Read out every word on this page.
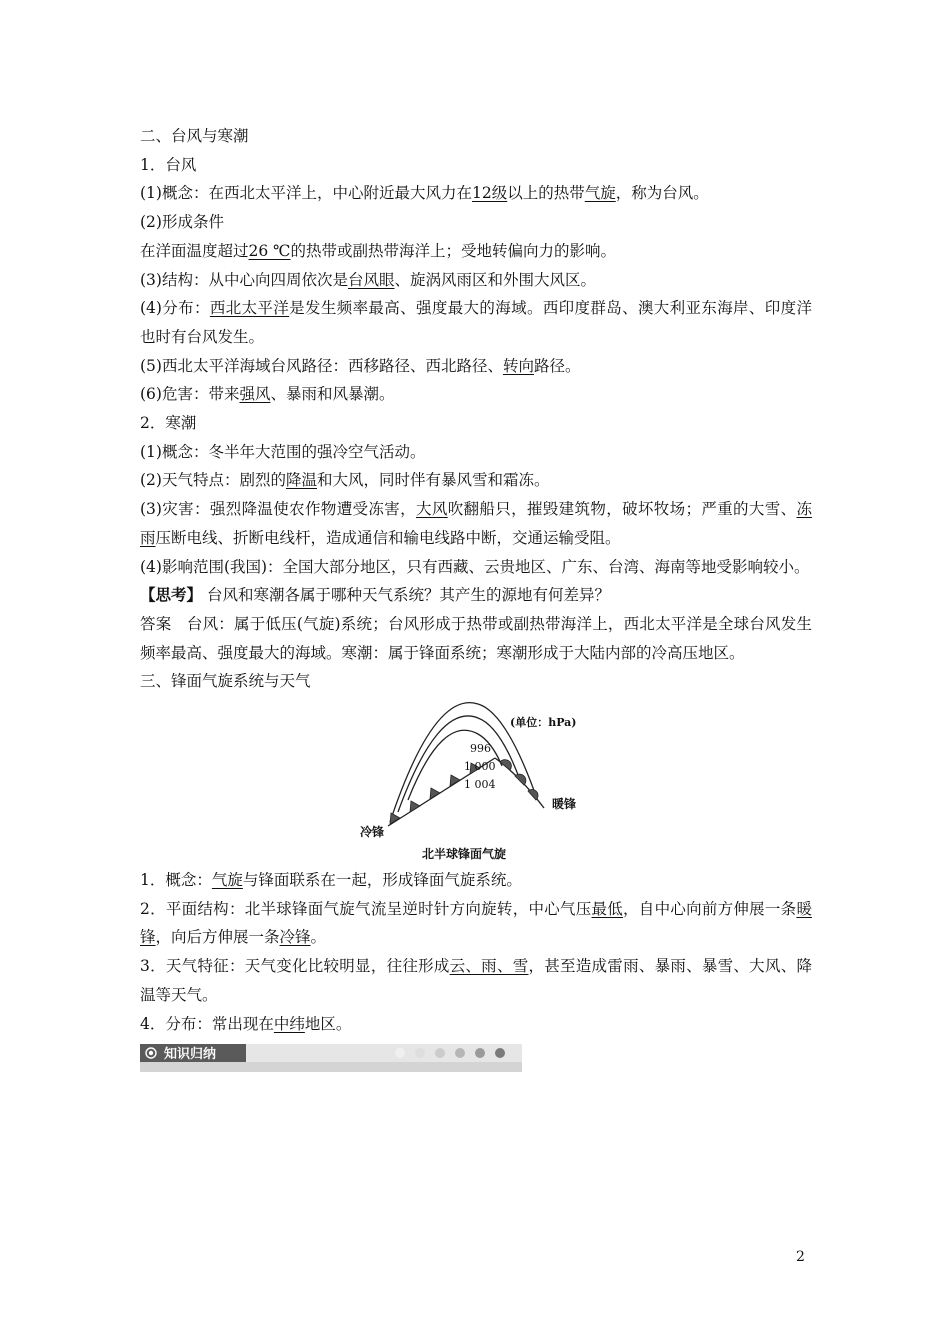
二、台风与寒潮

1．台风

(1)概念：在西北太平洋上，中心附近最大风力在12级以上的热带气旋，称为台风。

(2)形成条件

在洋面温度超过26 ℃的热带或副热带海洋上；受地转偏向力的影响。

(3)结构：从中心向四周依次是台风眼、旋涡风雨区和外围大风区。

(4)分布：西北太平洋是发生频率最高、强度最大的海域。西印度群岛、澳大利亚东海岸、印度洋也时有台风发生。

(5)西北太平洋海域台风路径：西移路径、西北路径、转向路径。

(6)危害：带来强风、暴雨和风暴潮。

2．寒潮

(1)概念：冬半年大范围的强冷空气活动。

(2)天气特点：剧烈的降温和大风，同时伴有暴风雪和霜冻。

(3)灾害：强烈降温使农作物遭受冻害，大风吹翻船只，摧毁建筑物，破坏牧场；严重的大雪、冻雨压断电线、折断电线杆，造成通信和输电线路中断，交通运输受阻。

(4)影响范围(我国)：全国大部分地区，只有西藏、云贵地区、广东、台湾、海南等地受影响较小。

【思考】 台风和寒潮各属于哪种天气系统？其产生的源地有何差异？

答案 台风：属于低压(气旋)系统；台风形成于热带或副热带海洋上，西北太平洋是全球台风发生频率最高、强度最大的海域。寒潮：属于锋面系统；寒潮形成于大陆内部的冷高压地区。

三、锋面气旋系统与天气

996
1 000
1 004
(单位：hPa)
暖锋
冷锋
北半球锋面气旋

1．概念：气旋与锋面联系在一起，形成锋面气旋系统。

2．平面结构：北半球锋面气旋气流呈逆时针方向旋转，中心气压最低，自中心向前方伸展一条暖锋，向后方伸展一条冷锋。

3．天气特征：天气变化比较明显，往往形成云、雨、雪，甚至造成雷雨、暴雨、暴雪、大风、降温等天气。

4．分布：常出现在中纬地区。

知识归纳
2
